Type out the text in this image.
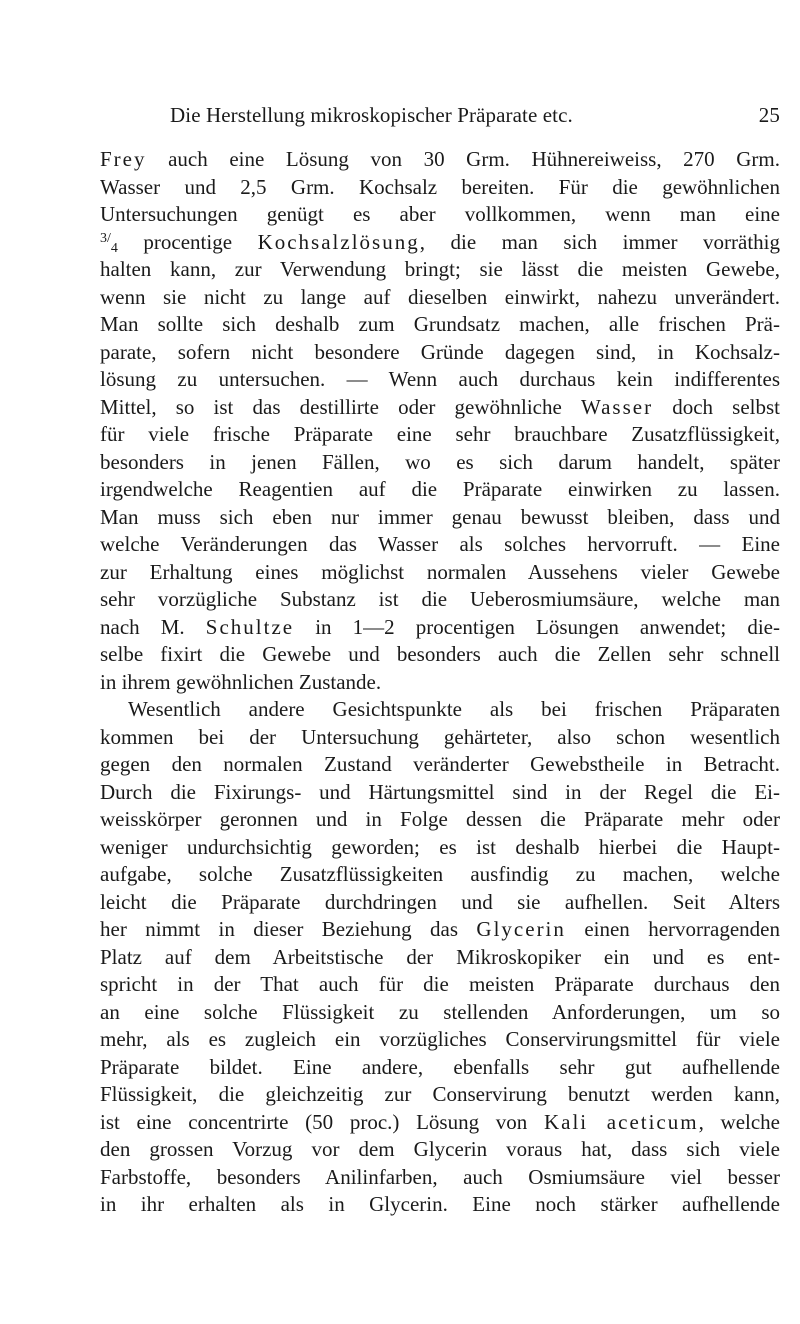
Die Herstellung mikroskopischer Präparate etc.	25
Frey auch eine Lösung von 30 Grm. Hühnereiweiss, 270 Grm.
Wasser und 2,5 Grm. Kochsalz bereiten. Für die gewöhnlichen
Untersuchungen genügt es aber vollkommen, wenn man eine
3/4 procentige Kochsalzlösung, die man sich immer vorräthig
halten kann, zur Verwendung bringt; sie lässt die meisten Gewebe,
wenn sie nicht zu lange auf dieselben einwirkt, nahezu unverändert.
Man sollte sich deshalb zum Grundsatz machen, alle frischen Prä-
parate, sofern nicht besondere Gründe dagegen sind, in Kochsalz-
lösung zu untersuchen. — Wenn auch durchaus kein indifferentes
Mittel, so ist das destillirte oder gewöhnliche Wasser doch selbst
für viele frische Präparate eine sehr brauchbare Zusatzflüssigkeit,
besonders in jenen Fällen, wo es sich darum handelt, später
irgendwelche Reagentien auf die Präparate einwirken zu lassen.
Man muss sich eben nur immer genau bewusst bleiben, dass und
welche Veränderungen das Wasser als solches hervorruft. — Eine
zur Erhaltung eines möglichst normalen Aussehens vieler Gewebe
sehr vorzügliche Substanz ist die Ueberosmiumsäure, welche man
nach M. Schultze in 1—2 procentigen Lösungen anwendet; die-
selbe fixirt die Gewebe und besonders auch die Zellen sehr schnell
in ihrem gewöhnlichen Zustande.
Wesentlich andere Gesichtspunkte als bei frischen Präparaten
kommen bei der Untersuchung gehärteter, also schon wesentlich
gegen den normalen Zustand veränderter Gewebstheile in Betracht.
Durch die Fixirungs- und Härtungsmittel sind in der Regel die Ei-
weisskörper geronnen und in Folge dessen die Präparate mehr oder
weniger undurchsichtig geworden; es ist deshalb hierbei die Haupt-
aufgabe, solche Zusatzflüssigkeiten ausfindig zu machen, welche
leicht die Präparate durchdringen und sie aufhellen. Seit Alters
her nimmt in dieser Beziehung das Glycerin einen hervorragenden
Platz auf dem Arbeitstische der Mikroskopiker ein und es ent-
spricht in der That auch für die meisten Präparate durchaus den
an eine solche Flüssigkeit zu stellenden Anforderungen, um so
mehr, als es zugleich ein vorzügliches Conservirungsmittel für viele
Präparate bildet. Eine andere, ebenfalls sehr gut aufhellende
Flüssigkeit, die gleichzeitig zur Conservirung benutzt werden kann,
ist eine concentrirte (50 proc.) Lösung von Kali aceticum, welche
den grossen Vorzug vor dem Glycerin voraus hat, dass sich viele
Farbstoffe, besonders Anilinfarben, auch Osmiumsäure viel besser
in ihr erhalten als in Glycerin. Eine noch stärker aufhellende
